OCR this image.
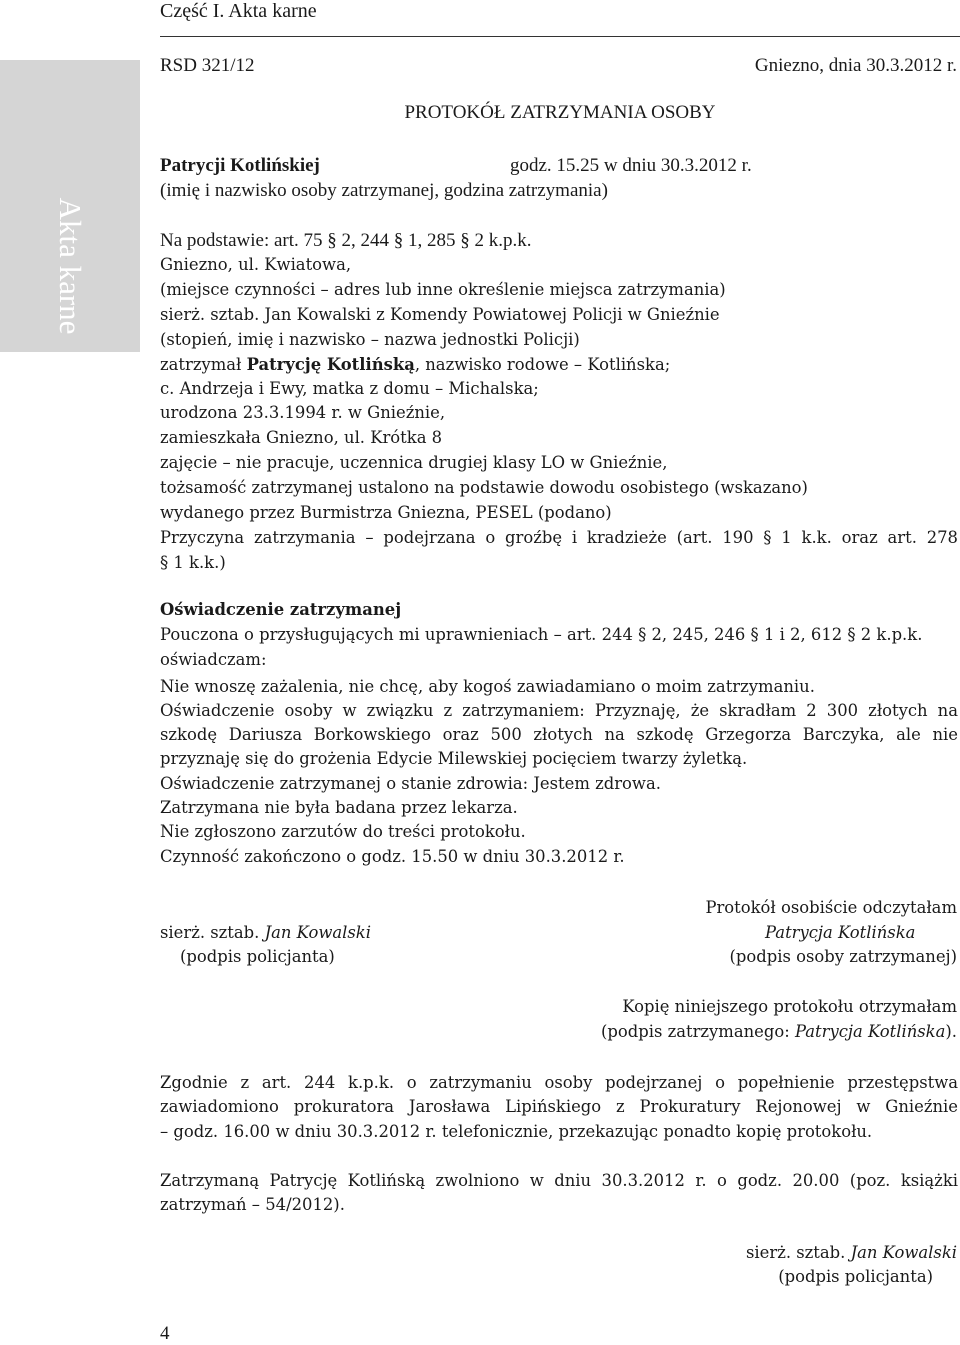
Część I. Akta karne
Akta karne
RSD 321/12	Gniezno, dnia 30.3.2012 r.
PROTOKÓŁ ZATRZYMANIA OSOBY
Patrycji Kotlińskiej	godz. 15.25 w dniu 30.3.2012 r.
(imię i nazwisko osoby zatrzymanej, godzina zatrzymania)
Na podstawie: art. 75 § 2, 244 § 1, 285 § 2 k.p.k.
Gniezno, ul. Kwiatowa,
(miejsce czynności – adres lub inne określenie miejsca zatrzymania)
sierż. sztab. Jan Kowalski z Komendy Powiatowej Policji w Gnieźnie
(stopień, imię i nazwisko – nazwa jednostki Policji)
zatrzymał Patrycję Kotlińską, nazwisko rodowe – Kotlińska;
c. Andrzeja i Ewy, matka z domu – Michalska;
urodzona 23.3.1994 r. w Gnieźnie,
zamieszkała Gniezno, ul. Krótka 8
zajęcie – nie pracuje, uczennica drugiej klasy LO w Gnieźnie,
tożsamość zatrzymanej ustalono na podstawie dowodu osobistego (wskazano)
wydanego przez Burmistrza Gniezna, PESEL (podano)
Przyczyna zatrzymania – podejrzana o groźbę i kradzieże (art. 190 § 1 k.k. oraz art. 278
§ 1 k.k.)
Oświadczenie zatrzymanej
Pouczona o przysługujących mi uprawnieniach – art. 244 § 2, 245, 246 § 1 i 2, 612 § 2 k.p.k.
oświadczam:
Nie wnoszę zażalenia, nie chcę, aby kogoś zawiadamiano o moim zatrzymaniu.
Oświadczenie osoby w związku z zatrzymaniem: Przyznaję, że skradłam 2 300 złotych na
szkodę Dariusza Borkowskiego oraz 500 złotych na szkodę Grzegorza Barczyka, ale nie
przyznaję się do grożenia Edycie Milewskiej pocięciem twarzy żyletką.
Oświadczenie zatrzymanej o stanie zdrowia: Jestem zdrowa.
Zatrzymana nie była badana przez lekarza.
Nie zgłoszono zarzutów do treści protokołu.
Czynność zakończono o godz. 15.50 w dniu 30.3.2012 r.
Protokół osobiście odczytałam
sierż. sztab. Jan Kowalski	Patrycja Kotlińska
(podpis policjanta)	(podpis osoby zatrzymanej)
Kopię niniejszego protokołu otrzymałam
(podpis zatrzymanego: Patrycja Kotlińska).
Zgodnie z art. 244 k.p.k. o zatrzymaniu osoby podejrzanej o popełnienie przestępstwa
zawiadomiono prokuratora Jarosława Lipińskiego z Prokuratury Rejonowej w Gnieźnie
– godz. 16.00 w dniu 30.3.2012 r. telefonicznie, przekazując ponadto kopię protokołu.
Zatrzymaną Patrycję Kotlińską zwolniono w dniu 30.3.2012 r. o godz. 20.00 (poz. książki
zatrzymań – 54/2012).
sierż. sztab. Jan Kowalski
(podpis policjanta)
4
